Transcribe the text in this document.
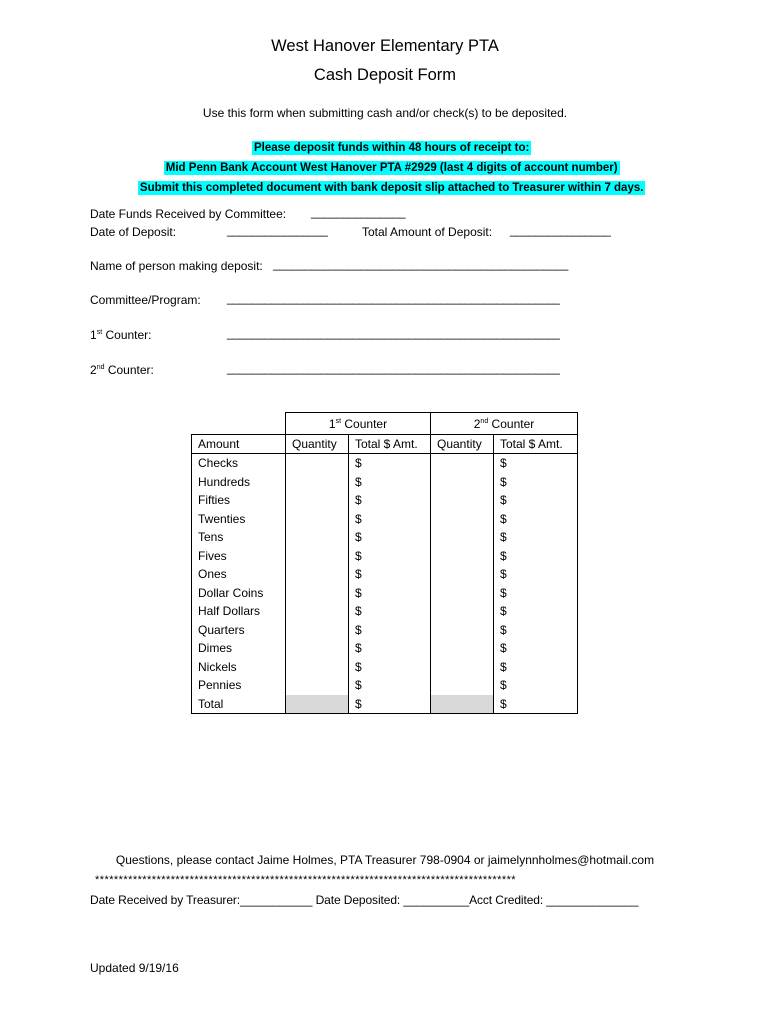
West Hanover Elementary PTA
Cash Deposit Form
Use this form when submitting cash and/or check(s) to be deposited.

Please deposit funds within 48 hours of receipt to:

Mid Penn Bank Account West Hanover PTA #2929 (last 4 digits of account number)

Submit this completed document with bank deposit slip attached to Treasurer within 7 days.

Date Funds Received by Committee: _______________
Date of Deposit:	________________	Total Amount of Deposit: ________________
Name of person making deposit: _______________________________________________
Committee/Program: _____________________________________________________
1st Counter:	_____________________________________________________
2nd Counter:	_____________________________________________________
	1st Counter		2nd Counter	
Amount	Quantity	Total $ Amt.	Quantity	Total $ Amt.
Checks		$		$
Hundreds		$		$
Fifties		$		$
Twenties		$		$
Tens		$		$
Fives		$		$
Ones		$		$
Dollar Coins		$		$
Half Dollars		$		$
Quarters		$		$
Dimes		$		$
Nickels		$		$
Pennies		$		$
Total		$		$
Questions, please contact Jaime Holmes, PTA Treasurer 798-0904 or jaimelynnholmes@hotmail.com
*****************************************************************************************
Date Received by Treasurer:___________ Date Deposited: __________Acct Credited: ______________
Updated 9/19/16
